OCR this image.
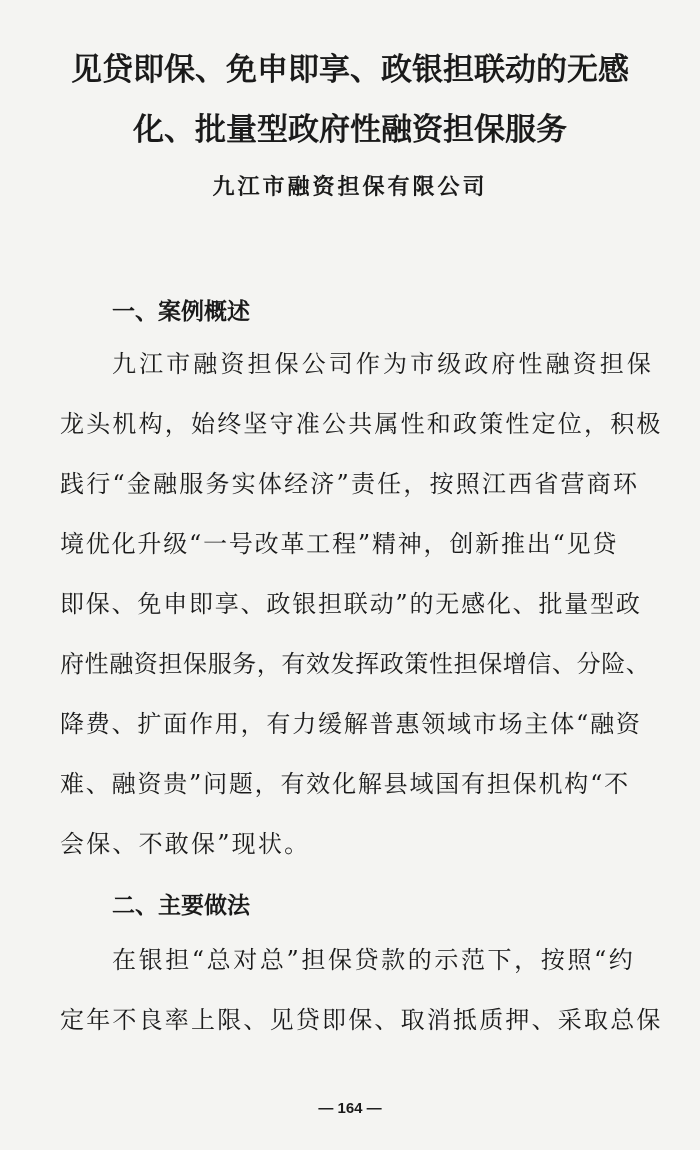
见贷即保、免申即享、政银担联动的无感
化、批量型政府性融资担保服务
九江市融资担保有限公司
一、案例概述
九江市融资担保公司作为市级政府性融资担保
龙头机构，始终坚守准公共属性和政策性定位，积极
践行“金融服务实体经济”责任，按照江西省营商环
境优化升级“一号改革工程”精神，创新推出“见贷
即保、免申即享、政银担联动”的无感化、批量型政
府性融资担保服务，有效发挥政策性担保增信、分险、
降费、扩面作用，有力缓解普惠领域市场主体“融资
难、融资贵”问题，有效化解县域国有担保机构“不
会保、不敢保”现状。
二、主要做法
在银担“总对总”担保贷款的示范下，按照“约
定年不良率上限、见贷即保、取消抵质押、采取总保
— 164 —
